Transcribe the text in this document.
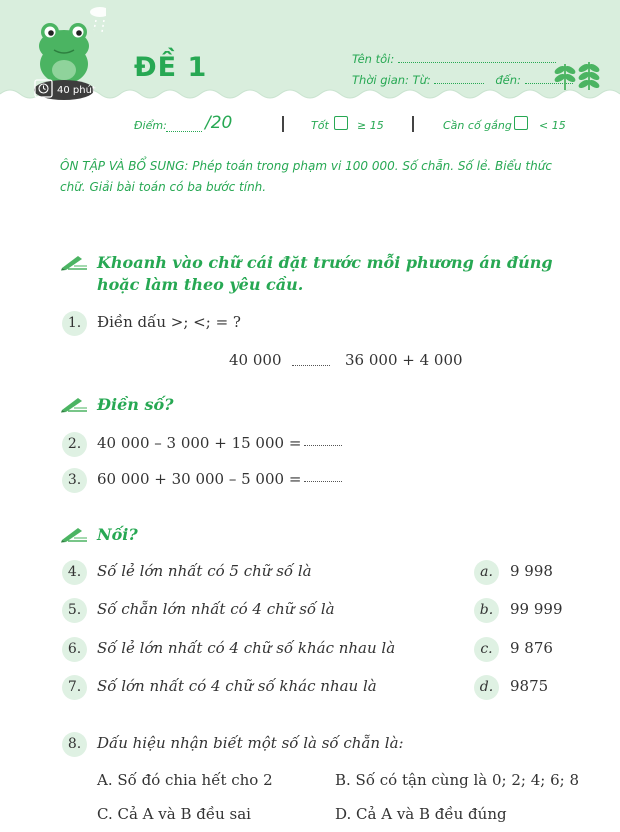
40 phút
ĐỀ 1	Tên tôi:
Thời gian: Từ:	đến:
Điểm: /20	Tốt	≥ 15	Cần cố gắng < 15
ÔN TẬP VÀ BỔ SUNG: Phép toán trong phạm vi 100 000. Số chẵn. Số lẻ. Biểu thức chữ. Giải bài toán có ba bước tính.
Khoanh vào chữ cái đặt trước mỗi phương án đúng hoặc làm theo yêu cầu.
1.	Điền dấu >; <; = ?
40 000	36 000 + 4 000
Điền số?
2.	40 000 – 3 000 + 15 000 =
3.	60 000 + 30 000 – 5 000 =
Nối?
4.	Số lẻ lớn nhất có 5 chữ số là	a.	9 998
5.	Số chẵn lớn nhất có 4 chữ số là	b.	99 999
6.	Số lẻ lớn nhất có 4 chữ số khác nhau là	c.	9 876
7.	Số lớn nhất có 4 chữ số khác nhau là	d.	9875
8.	Dấu hiệu nhận biết một số là số chẵn là:
A. Số đó chia hết cho 2	B. Số có tận cùng là 0; 2; 4; 6; 8
C. Cả A và B đều sai	D. Cả A và B đều đúng
